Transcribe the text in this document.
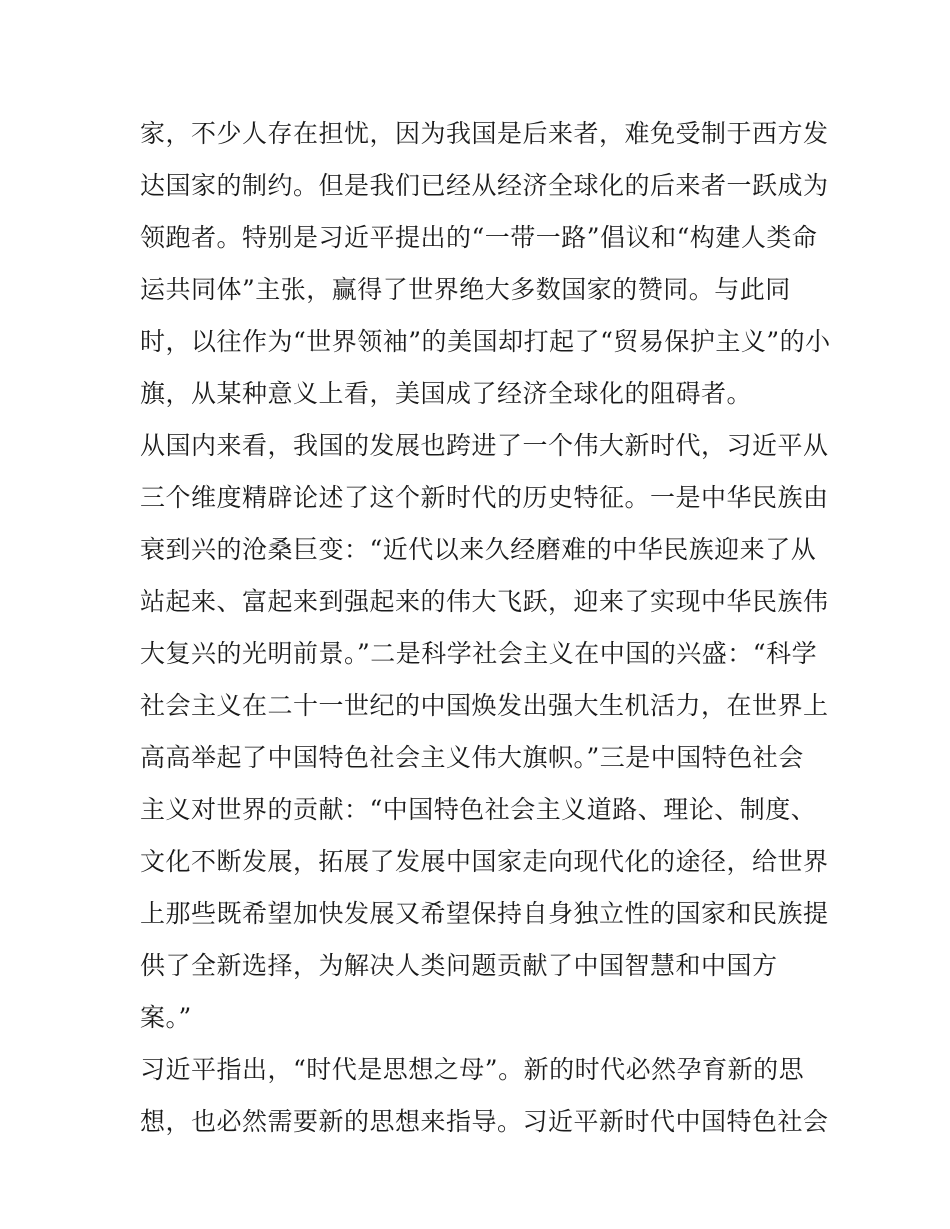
家，不少人存在担忧，因为我国是后来者，难免受制于西方发
达国家的制约。但是我们已经从经济全球化的后来者一跃成为
领跑者。特别是习近平提出的“一带一路”倡议和“构建人类命
运共同体”主张，赢得了世界绝大多数国家的赞同。与此同
时，以往作为“世界领袖”的美国却打起了“贸易保护主义”的小
旗，从某种意义上看，美国成了经济全球化的阻碍者。
从国内来看，我国的发展也跨进了一个伟大新时代，习近平从
三个维度精辟论述了这个新时代的历史特征。一是中华民族由
衰到兴的沧桑巨变：“近代以来久经磨难的中华民族迎来了从
站起来、富起来到强起来的伟大飞跃，迎来了实现中华民族伟
大复兴的光明前景。”二是科学社会主义在中国的兴盛：“科学
社会主义在二十一世纪的中国焕发出强大生机活力，在世界上
高高举起了中国特色社会主义伟大旗帜。”三是中国特色社会
主义对世界的贡献：“中国特色社会主义道路、理论、制度、
文化不断发展，拓展了发展中国家走向现代化的途径，给世界
上那些既希望加快发展又希望保持自身独立性的国家和民族提
供了全新选择，为解决人类问题贡献了中国智慧和中国方
案。”
习近平指出，“时代是思想之母”。新的时代必然孕育新的思
想，也必然需要新的思想来指导。习近平新时代中国特色社会
